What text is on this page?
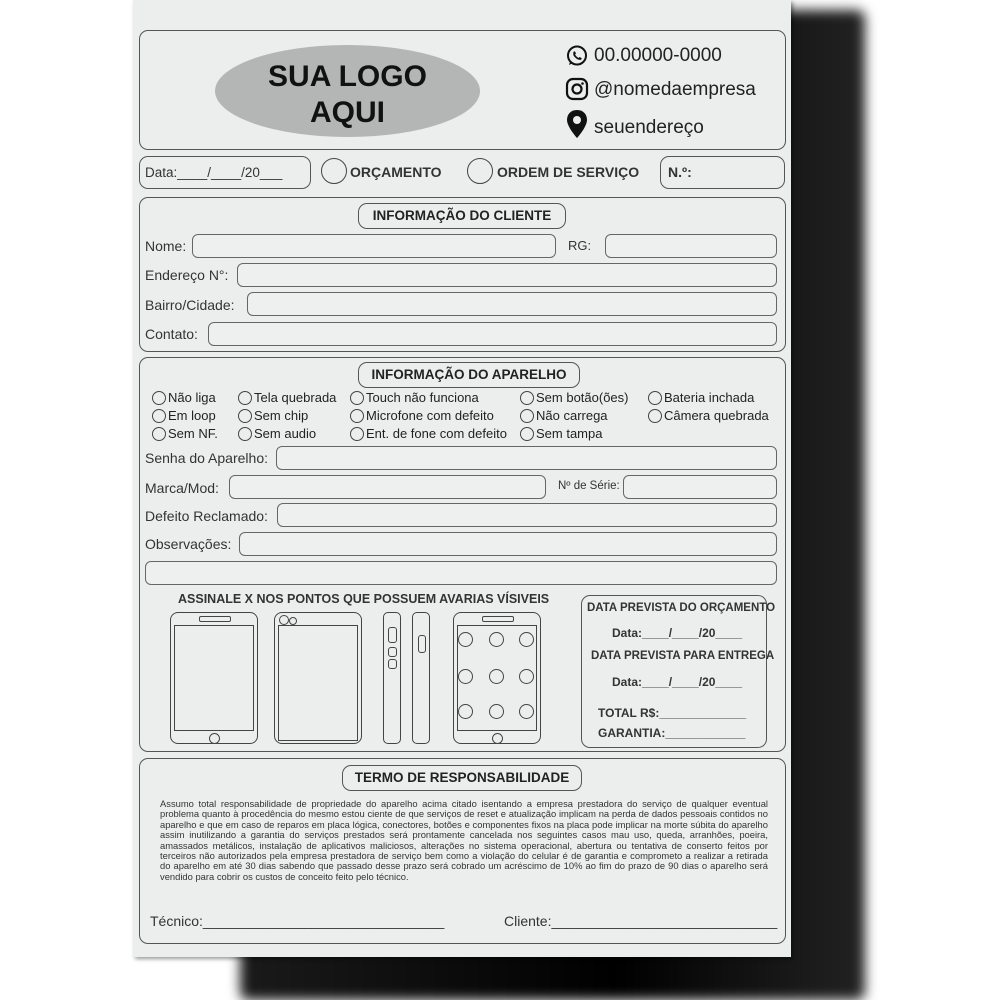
SUA LOGO
AQUI
00.00000-0000
@nomedaempresa
seuendereço
Data:____/____/20___	ORÇAMENTO	ORDEM DE SERVIÇO N.º:
INFORMAÇÃO DO CLIENTE
Nome:	RG:
Endereço N°:
Bairro/Cidade:
Contato:
INFORMAÇÃO DO APARELHO
Não liga	Tela quebrada	Touch não funciona	Sem botão(ões)	Bateria inchada
Em loop	Sem chip	Microfone com defeito	Não carrega	Câmera quebrada
Sem NF.	Sem audio	Ent. de fone com defeito	Sem tampa
Senha do Aparelho:
Marca/Mod:	Nº de Série:
Defeito Reclamado:
Observações:
ASSINALE X NOS PONTOS QUE POSSUEM AVARIAS VÍSIVEIS
DATA PREVISTA DO ORÇAMENTO
Data:____/____/20____
DATA PREVISTA PARA ENTREGA
Data:____/____/20____
TOTAL R$:_____________
GARANTIA:____________
TERMO DE RESPONSABILIDADE
Assumo total responsabilidade de propriedade do aparelho acima citado isentando a empresa prestadora do serviço de qualquer eventual problema quanto à procedência do mesmo estou ciente de que serviços de reset e atualização implicam na perda de dados pessoais contidos no aparelho e que em caso de reparos em placa lógica, conectores, botões e componentes fixos na placa pode implicar na morte súbita do aparelho assim inutilizando a garantia do serviços prestados será prontamente cancelada nos seguintes casos mau uso, queda, arranhões, poeira, amassados metálicos, instalação de aplicativos maliciosos, alterações no sistema operacional, abertura ou tentativa de conserto feitos por terceiros não autorizados pela empresa prestadora de serviço bem como a violação do celular é de garantia e comprometo a realizar a retirada do aparelho em até 30 dias sabendo que passado desse prazo será cobrado um acréscimo de 10% ao fim do prazo de 90 dias o aparelho será vendido para cobrir os custos de conceito feito pelo técnico.
Técnico:_______________________________	Cliente:_____________________________
